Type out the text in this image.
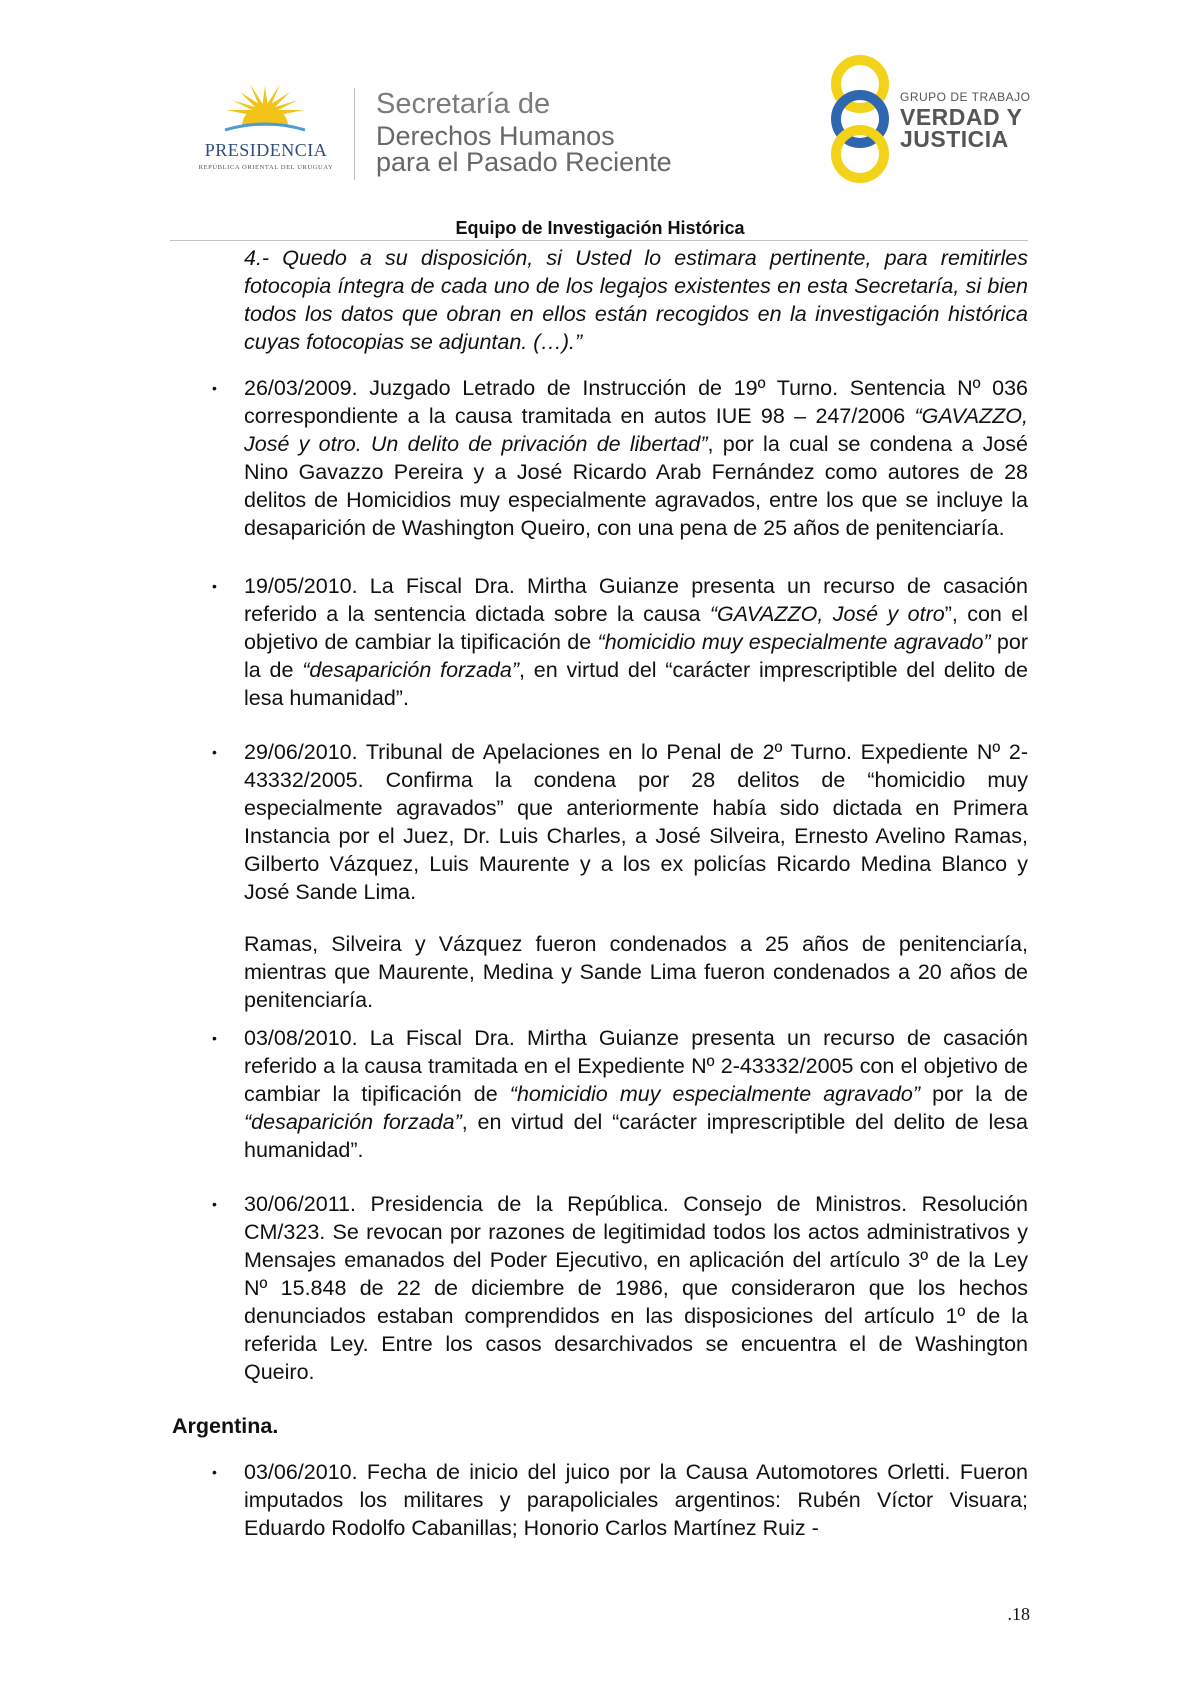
PRESIDENCIA
REPÚBLICA ORIENTAL DEL URUGUAY
Secretaría de
Derechos Humanos
para el Pasado Reciente
GRUPO DE TRABAJO
VERDAD Y
JUSTICIA
Equipo de Investigación Histórica
4.- Quedo a su disposición, si Usted lo estimara pertinente, para remitirles fotocopia íntegra de cada uno de los legajos existentes en esta Secretaría, si bien todos los datos que obran en ellos están recogidos en la investigación histórica cuyas fotocopias se adjuntan. (…).”
• 26/03/2009. Juzgado Letrado de Instrucción de 19º Turno. Sentencia Nº 036 correspondiente a la causa tramitada en autos IUE 98 – 247/2006 “GAVAZZO, José y otro. Un delito de privación de libertad”, por la cual se condena a José Nino Gavazzo Pereira y a José Ricardo Arab Fernández como autores de 28 delitos de Homicidios muy especialmente agravados, entre los que se incluye la desaparición de Washington Queiro, con una pena de 25 años de penitenciaría.
• 19/05/2010. La Fiscal Dra. Mirtha Guianze presenta un recurso de casación referido a la sentencia dictada sobre la causa “GAVAZZO, José y otro”, con el objetivo de cambiar la tipificación de “homicidio muy especialmente agravado” por la de “desaparición forzada”, en virtud del “carácter imprescriptible del delito de lesa humanidad”.
• 29/06/2010. Tribunal de Apelaciones en lo Penal de 2º Turno. Expediente Nº 2-43332/2005. Confirma la condena por 28 delitos de “homicidio muy especialmente agravados” que anteriormente había sido dictada en Primera Instancia por el Juez, Dr. Luis Charles, a José Silveira, Ernesto Avelino Ramas, Gilberto Vázquez, Luis Maurente y a los ex policías Ricardo Medina Blanco y José Sande Lima.
Ramas, Silveira y Vázquez fueron condenados a 25 años de penitenciaría, mientras que Maurente, Medina y Sande Lima fueron condenados a 20 años de penitenciaría.
• 03/08/2010. La Fiscal Dra. Mirtha Guianze presenta un recurso de casación referido a la causa tramitada en el Expediente Nº 2-43332/2005 con el objetivo de cambiar la tipificación de “homicidio muy especialmente agravado” por la de “desaparición forzada”, en virtud del “carácter imprescriptible del delito de lesa humanidad”.
• 30/06/2011. Presidencia de la República. Consejo de Ministros. Resolución CM/323. Se revocan por razones de legitimidad todos los actos administrativos y Mensajes emanados del Poder Ejecutivo, en aplicación del artículo 3º de la Ley Nº 15.848 de 22 de diciembre de 1986, que consideraron que los hechos denunciados estaban comprendidos en las disposiciones del artículo 1º de la referida Ley. Entre los casos desarchivados se encuentra el de Washington Queiro.
Argentina.
• 03/06/2010. Fecha de inicio del juico por la Causa Automotores Orletti. Fueron imputados los militares y parapoliciales argentinos: Rubén Víctor Visuara; Eduardo Rodolfo Cabanillas; Honorio Carlos Martínez Ruiz -
.18
